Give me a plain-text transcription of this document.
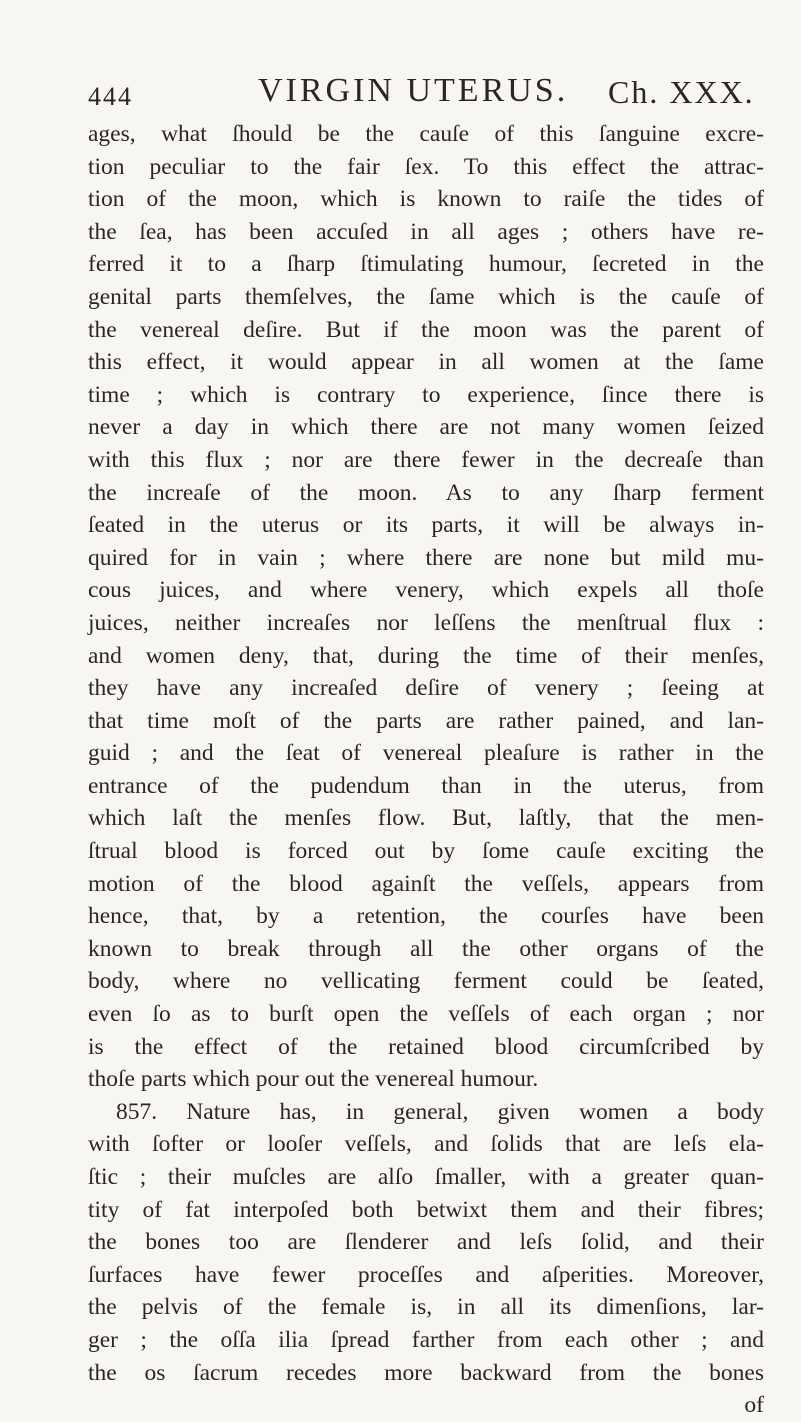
444	VIRGIN UTERUS. Ch. XXX.
ages, what ſhould be the cauſe of this ſanguine excre-
tion peculiar to the fair ſex. To this effect the attrac-
tion of the moon, which is known to raiſe the tides of
the ſea, has been accuſed in all ages ; others have re-
ferred it to a ſharp ſtimulating humour, ſecreted in the
genital parts themſelves, the ſame which is the cauſe of
the venereal deſire. But if the moon was the parent of
this effect, it would appear in all women at the ſame
time ; which is contrary to experience, ſince there is
never a day in which there are not many women ſeized
with this flux ; nor are there fewer in the decreaſe than
the increaſe of the moon. As to any ſharp ferment
ſeated in the uterus or its parts, it will be always in-
quired for in vain ; where there are none but mild mu-
cous juices, and where venery, which expels all thoſe
juices, neither increaſes nor leſſens the menſtrual flux :
and women deny, that, during the time of their menſes,
they have any increaſed deſire of venery ; ſeeing at
that time moſt of the parts are rather pained, and lan-
guid ; and the ſeat of venereal pleaſure is rather in the
entrance of the pudendum than in the uterus, from
which laſt the menſes flow. But, laſtly, that the men-
ſtrual blood is forced out by ſome cauſe exciting the
motion of the blood againſt the veſſels, appears from
hence, that, by a retention, the courſes have been
known to break through all the other organs of the
body, where no vellicating ferment could be ſeated,
even ſo as to burſt open the veſſels of each organ ; nor
is the effect of the retained blood circumſcribed by
thoſe parts which pour out the venereal humour.
857. Nature has, in general, given women a body
with ſofter or looſer veſſels, and ſolids that are leſs ela-
ſtic ; their muſcles are alſo ſmaller, with a greater quan-
tity of fat interpoſed both betwixt them and their fibres;
the bones too are ſlenderer and leſs ſolid, and their
ſurfaces have fewer proceſſes and aſperities. Moreover,
the pelvis of the female is, in all its dimenſions, lar-
ger ; the oſſa ilia ſpread farther from each other ; and
the os ſacrum recedes more backward from the bones
of
